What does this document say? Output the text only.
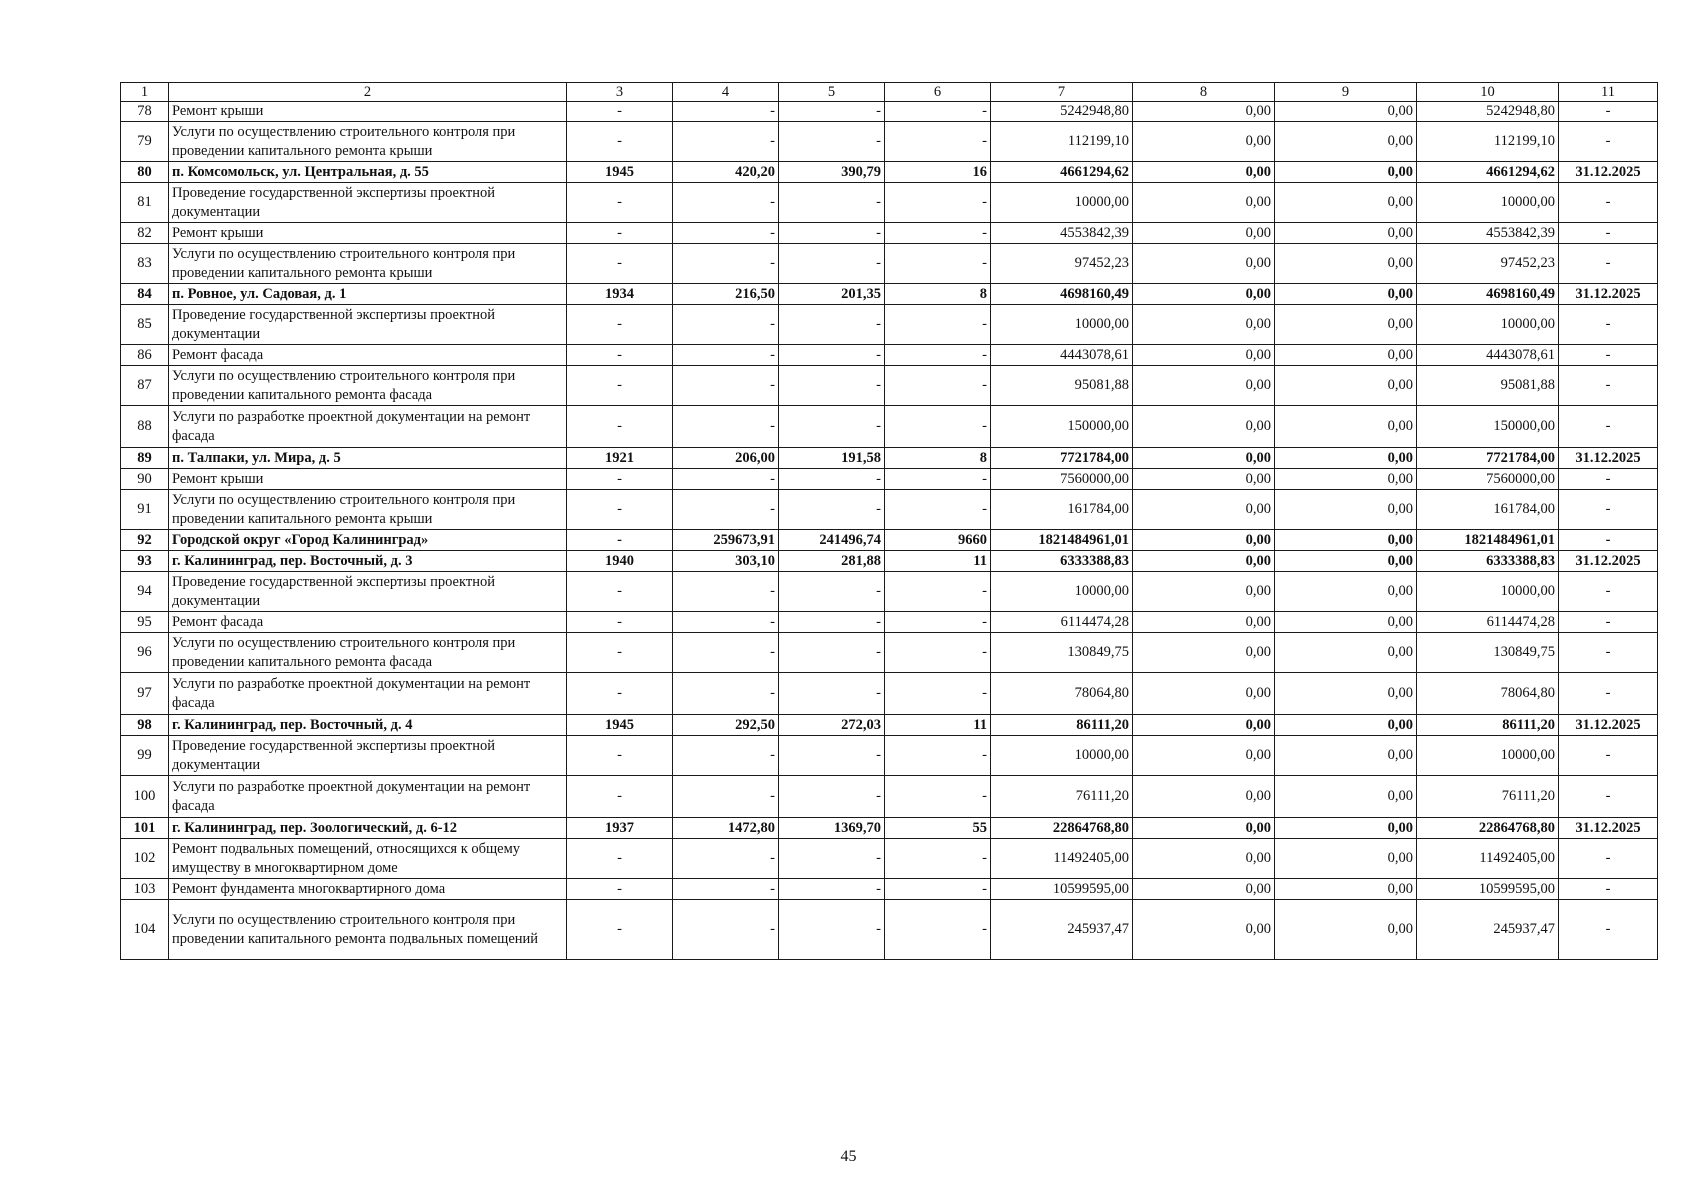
1	2	3	4	5	6	7	8	9	10	11
78	Ремонт крыши	-	-	-	-	5242948,80	0,00	0,00	5242948,80	-
79	Услуги по осуществлению строительного контроля при проведении капитального ремонта крыши	-	-	-	-	112199,10	0,00	0,00	112199,10	-
80	п. Комсомольск, ул. Центральная, д. 55	1945	420,20	390,79	16	4661294,62	0,00	0,00	4661294,62	31.12.2025
81	Проведение государственной экспертизы проектной документации	-	-	-	-	10000,00	0,00	0,00	10000,00	-
82	Ремонт крыши	-	-	-	-	4553842,39	0,00	0,00	4553842,39	-
83	Услуги по осуществлению строительного контроля при проведении капитального ремонта крыши	-	-	-	-	97452,23	0,00	0,00	97452,23	-
84	п. Ровное, ул. Садовая, д. 1	1934	216,50	201,35	8	4698160,49	0,00	0,00	4698160,49	31.12.2025
85	Проведение государственной экспертизы проектной документации	-	-	-	-	10000,00	0,00	0,00	10000,00	-
86	Ремонт фасада	-	-	-	-	4443078,61	0,00	0,00	4443078,61	-
87	Услуги по осуществлению строительного контроля при проведении капитального ремонта фасада	-	-	-	-	95081,88	0,00	0,00	95081,88	-
88	Услуги по разработке проектной документации на ремонт фасада	-	-	-	-	150000,00	0,00	0,00	150000,00	-
89	п. Талпаки, ул. Мира, д. 5	1921	206,00	191,58	8	7721784,00	0,00	0,00	7721784,00	31.12.2025
90	Ремонт крыши	-	-	-	-	7560000,00	0,00	0,00	7560000,00	-
91	Услуги по осуществлению строительного контроля при проведении капитального ремонта крыши	-	-	-	-	161784,00	0,00	0,00	161784,00	-
92	Городской округ «Город Калининград»	-	259673,91	241496,74	9660	1821484961,01	0,00	0,00	1821484961,01	-
93	г. Калининград, пер. Восточный, д. 3	1940	303,10	281,88	11	6333388,83	0,00	0,00	6333388,83	31.12.2025
94	Проведение государственной экспертизы проектной документации	-	-	-	-	10000,00	0,00	0,00	10000,00	-
95	Ремонт фасада	-	-	-	-	6114474,28	0,00	0,00	6114474,28	-
96	Услуги по осуществлению строительного контроля при проведении капитального ремонта фасада	-	-	-	-	130849,75	0,00	0,00	130849,75	-
97	Услуги по разработке проектной документации на ремонт фасада	-	-	-	-	78064,80	0,00	0,00	78064,80	-
98	г. Калининград, пер. Восточный, д. 4	1945	292,50	272,03	11	86111,20	0,00	0,00	86111,20	31.12.2025
99	Проведение государственной экспертизы проектной документации	-	-	-	-	10000,00	0,00	0,00	10000,00	-
100	Услуги по разработке проектной документации на ремонт фасада	-	-	-	-	76111,20	0,00	0,00	76111,20	-
101	г. Калининград, пер. Зоологический, д. 6-12	1937	1472,80	1369,70	55	22864768,80	0,00	0,00	22864768,80	31.12.2025
102	Ремонт подвальных помещений, относящихся к общему имуществу в многоквартирном доме	-	-	-	-	11492405,00	0,00	0,00	11492405,00	-
103	Ремонт фундамента многоквартирного дома	-	-	-	-	10599595,00	0,00	0,00	10599595,00	-
104	Услуги по осуществлению строительного контроля при проведении капитального ремонта подвальных помещений	-	-	-	-	245937,47	0,00	0,00	245937,47	-
45
